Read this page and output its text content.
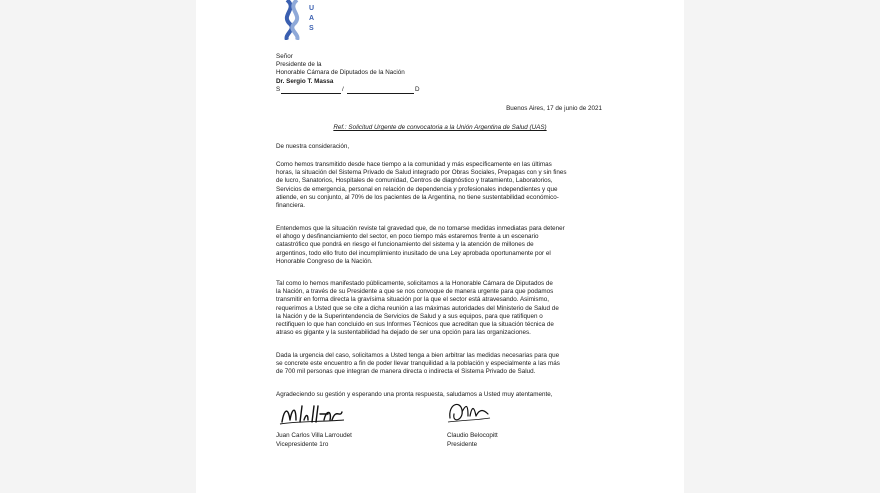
U
A
S
Señor
Presidente de la
Honorable Cámara de Diputados de la Nación
Dr. Sergio T. Massa
S	/	D
Buenos Aires, 17 de junio de 2021
Ref.: Solicitud Urgente de convocatoria a la Unión Argentina de Salud (UAS)
De nuestra consideración,
Como hemos transmitido desde hace tiempo a la comunidad y más específicamente en las últimas
horas, la situación del Sistema Privado de Salud integrado por Obras Sociales, Prepagas con y sin fines
de lucro, Sanatorios, Hospitales de comunidad, Centros de diagnóstico y tratamiento, Laboratorios,
Servicios de emergencia, personal en relación de dependencia y profesionales independientes y que
atiende, en su conjunto, al 70% de los pacientes de la Argentina, no tiene sustentabilidad económico-
financiera.
Entendemos que la situación reviste tal gravedad que, de no tomarse medidas inmediatas para detener
el ahogo y desfinanciamiento del sector, en poco tiempo más estaremos frente a un escenario
catastrófico que pondrá en riesgo el funcionamiento del sistema y la atención de millones de
argentinos, todo ello fruto del incumplimiento inusitado de una Ley aprobada oportunamente por el
Honorable Congreso de la Nación.
Tal como lo hemos manifestado públicamente, solicitamos a la Honorable Cámara de Diputados de
la Nación, a través de su Presidente a que se nos convoque de manera urgente para que podamos
transmitir en forma directa la gravísima situación por la que el sector está atravesando. Asimismo,
requerimos a Usted que se cite a dicha reunión a las máximas autoridades del Ministerio de Salud de
la Nación y de la Superintendencia de Servicios de Salud y a sus equipos, para que ratifiquen o
rectifiquen lo que han concluido en sus Informes Técnicos que acreditan que la situación técnica de
atraso es gigante y la sustentabilidad ha dejado de ser una opción para las organizaciones.
Dada la urgencia del caso, solicitamos a Usted tenga a bien arbitrar las medidas necesarias para que
se concrete este encuentro a fin de poder llevar tranquilidad a la población y especialmente a las más
de 700 mil personas que integran de manera directa o indirecta el Sistema Privado de Salud.
Agradeciendo su gestión y esperando una pronta respuesta, saludamos a Usted muy atentamente,
Juan Carlos Villa Larroudet
Vicepresidente 1ro
Claudio Belocopitt
Presidente
